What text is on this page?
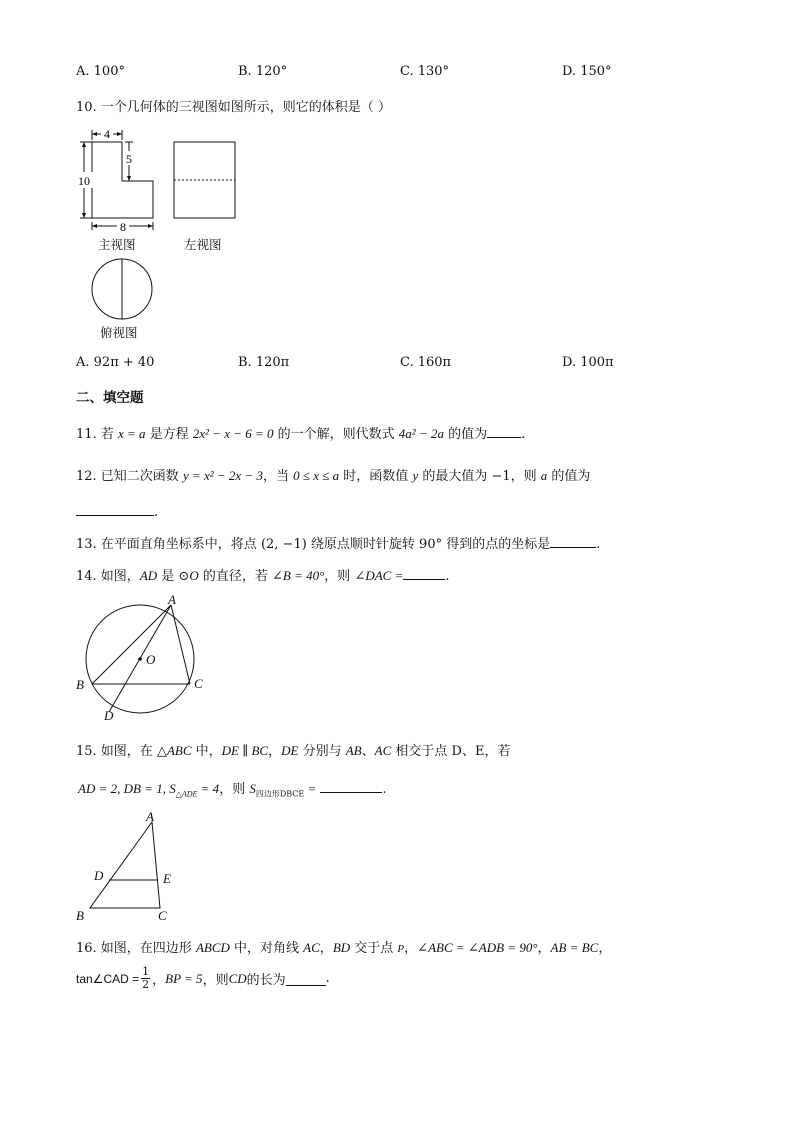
A. 100°	B. 120°	C. 130°	D. 150°
10. 一个几何体的三视图如图所示，则它的体积是（ ）
4
5
10
8
主视图	左视图
俯视图
A. 92π + 40	B. 120π	C. 160π	D. 100π
二、填空题
11. 若 x = a 是方程 2x² − x − 6 = 0 的一个解，则代数式 4a² − 2a 的值为	.
12. 已知二次函数 y = x² − 2x − 3，当 0 ≤ x ≤ a 时，函数值 y 的最大值为 −1，则 a 的值为
.
13. 在平面直角坐标系中，将点 (2, −1) 绕原点顺时针旋转 90° 得到的点的坐标是	.
14. 如图，AD 是 ⊙O 的直径，若 ∠B = 40°，则 ∠DAC =	.
A
B	C
D
O
15. 如图，在 △ABC 中，DE ∥ BC，DE 分别与 AB、AC 相交于点 D、E，若
AD = 2, DB = 1, $S_{\triangle ADE} = 4$，则 $S_{四边形DBCE}$ =	.
A
B	C
D	E
16. 如图，在四边形 ABCD 中，对角线 AC，BD 交于点 P，∠ABC = ∠ADB = 90°，AB = BC，
tan∠CAD = $\frac{1}{2}$ ， BP = 5 ，则 CD 的长为	.
